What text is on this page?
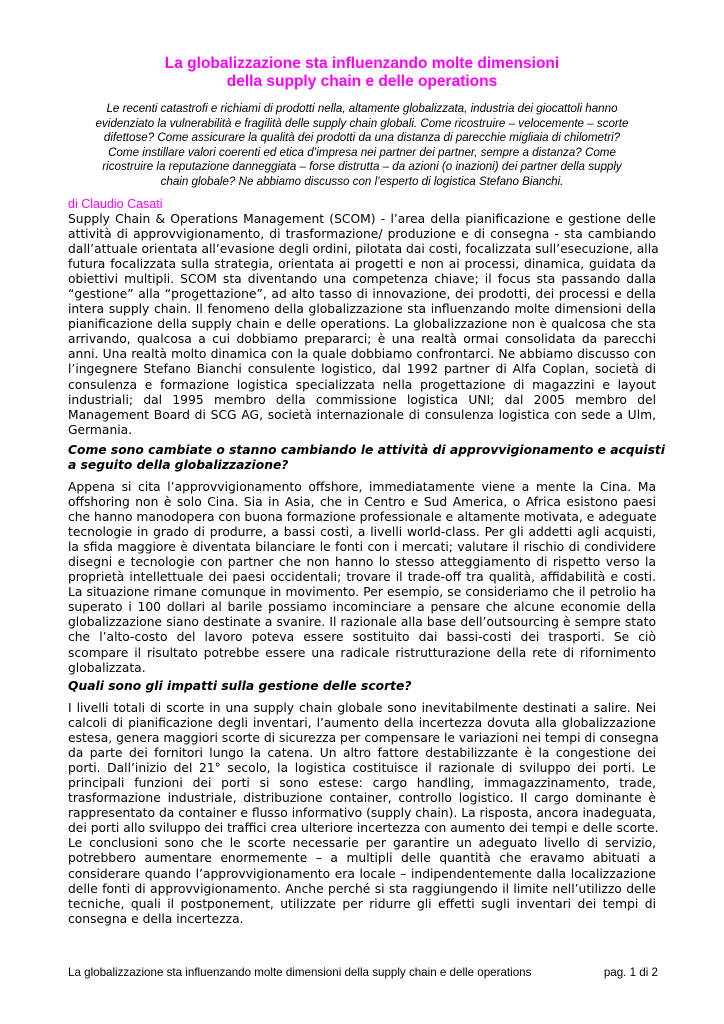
La globalizzazione sta influenzando molte dimensioni
della supply chain e delle operations
Le recenti catastrofi e richiami di prodotti nella, altamente globalizzata, industria dei giocattoli hanno
evidenziato la vulnerabilità e fragilità delle supply chain globali. Come ricostruire – velocemente – scorte
difettose? Come assicurare la qualità dei prodotti da una distanza di parecchie migliaia di chilometri?
Come instillare valori coerenti ed etica d’impresa nei partner dei partner, sempre a distanza? Come
ricostruire la reputazione danneggiata – forse distrutta – da azioni (o inazioni) dei partner della supply
chain globale? Ne abbiamo discusso con l’esperto di logistica Stefano Bianchi.
di Claudio Casati
Supply Chain & Operations Management (SCOM) - l’area della pianificazione e gestione delle
attività di approvvigionamento, di trasformazione/ produzione e di consegna - sta cambiando
dall’attuale orientata all’evasione degli ordini, pilotata dai costi, focalizzata sull’esecuzione, alla
futura focalizzata sulla strategia, orientata ai progetti e non ai processi, dinamica, guidata da
obiettivi multipli. SCOM sta diventando una competenza chiave; il focus sta passando dalla
“gestione” alla “progettazione”, ad alto tasso di innovazione, dei prodotti, dei processi e della
intera supply chain. Il fenomeno della globalizzazione sta influenzando molte dimensioni della
pianificazione della supply chain e delle operations. La globalizzazione non è qualcosa che sta
arrivando, qualcosa a cui dobbiamo prepararci; è una realtà ormai consolidata da parecchi
anni. Una realtà molto dinamica con la quale dobbiamo confrontarci. Ne abbiamo discusso con
l’ingegnere Stefano Bianchi consulente logistico, dal 1992 partner di Alfa Coplan, società di
consulenza e formazione logistica specializzata nella progettazione di magazzini e layout
industriali; dal 1995 membro della commissione logistica UNI; dal 2005 membro del
Management Board di SCG AG, società internazionale di consulenza logistica con sede a Ulm,
Germania.
Come sono cambiate o stanno cambiando le attività di approvvigionamento e acquisti
a seguito della globalizzazione?
Appena si cita l’approvvigionamento offshore, immediatamente viene a mente la Cina. Ma
offshoring non è solo Cina. Sia in Asia, che in Centro e Sud America, o Africa esistono paesi
che hanno manodopera con buona formazione professionale e altamente motivata, e adeguate
tecnologie in grado di produrre, a bassi costi, a livelli world-class. Per gli addetti agli acquisti,
la sfida maggiore è diventata bilanciare le fonti con i mercati; valutare il rischio di condividere
disegni e tecnologie con partner che non hanno lo stesso atteggiamento di rispetto verso la
proprietà intellettuale dei paesi occidentali; trovare il trade-off tra qualità, affidabilità e costi.
La situazione rimane comunque in movimento. Per esempio, se consideriamo che il petrolio ha
superato i 100 dollari al barile possiamo incominciare a pensare che alcune economie della
globalizzazione siano destinate a svanire. Il razionale alla base dell’outsourcing è sempre stato
che l’alto-costo del lavoro poteva essere sostituito dai bassi-costi dei trasporti. Se ciò
scompare il risultato potrebbe essere una radicale ristrutturazione della rete di rifornimento
globalizzata.
Quali sono gli impatti sulla gestione delle scorte?
I livelli totali di scorte in una supply chain globale sono inevitabilmente destinati a salire. Nei
calcoli di pianificazione degli inventari, l’aumento della incertezza dovuta alla globalizzazione
estesa, genera maggiori scorte di sicurezza per compensare le variazioni nei tempi di consegna
da parte dei fornitori lungo la catena. Un altro fattore destabilizzante è la congestione dei
porti. Dall’inizio del 21° secolo, la logistica costituisce il razionale di sviluppo dei porti. Le
principali funzioni dei porti si sono estese: cargo handling, immagazzinamento, trade,
trasformazione industriale, distribuzione container, controllo logistico. Il cargo dominante è
rappresentato da container e flusso informativo (supply chain). La risposta, ancora inadeguata,
dei porti allo sviluppo dei traffici crea ulteriore incertezza con aumento dei tempi e delle scorte.
Le conclusioni sono che le scorte necessarie per garantire un adeguato livello di servizio,
potrebbero aumentare enormemente – a multipli delle quantità che eravamo abituati a
considerare quando l’approvvigionamento era locale – indipendentemente dalla localizzazione
delle fonti di approvvigionamento. Anche perché si sta raggiungendo il limite nell’utilizzo delle
tecniche, quali il postponement, utilizzate per ridurre gli effetti sugli inventari dei tempi di
consegna e della incertezza.
La globalizzazione sta influenzando molte dimensioni della supply chain e delle operations	pag. 1 di 2
